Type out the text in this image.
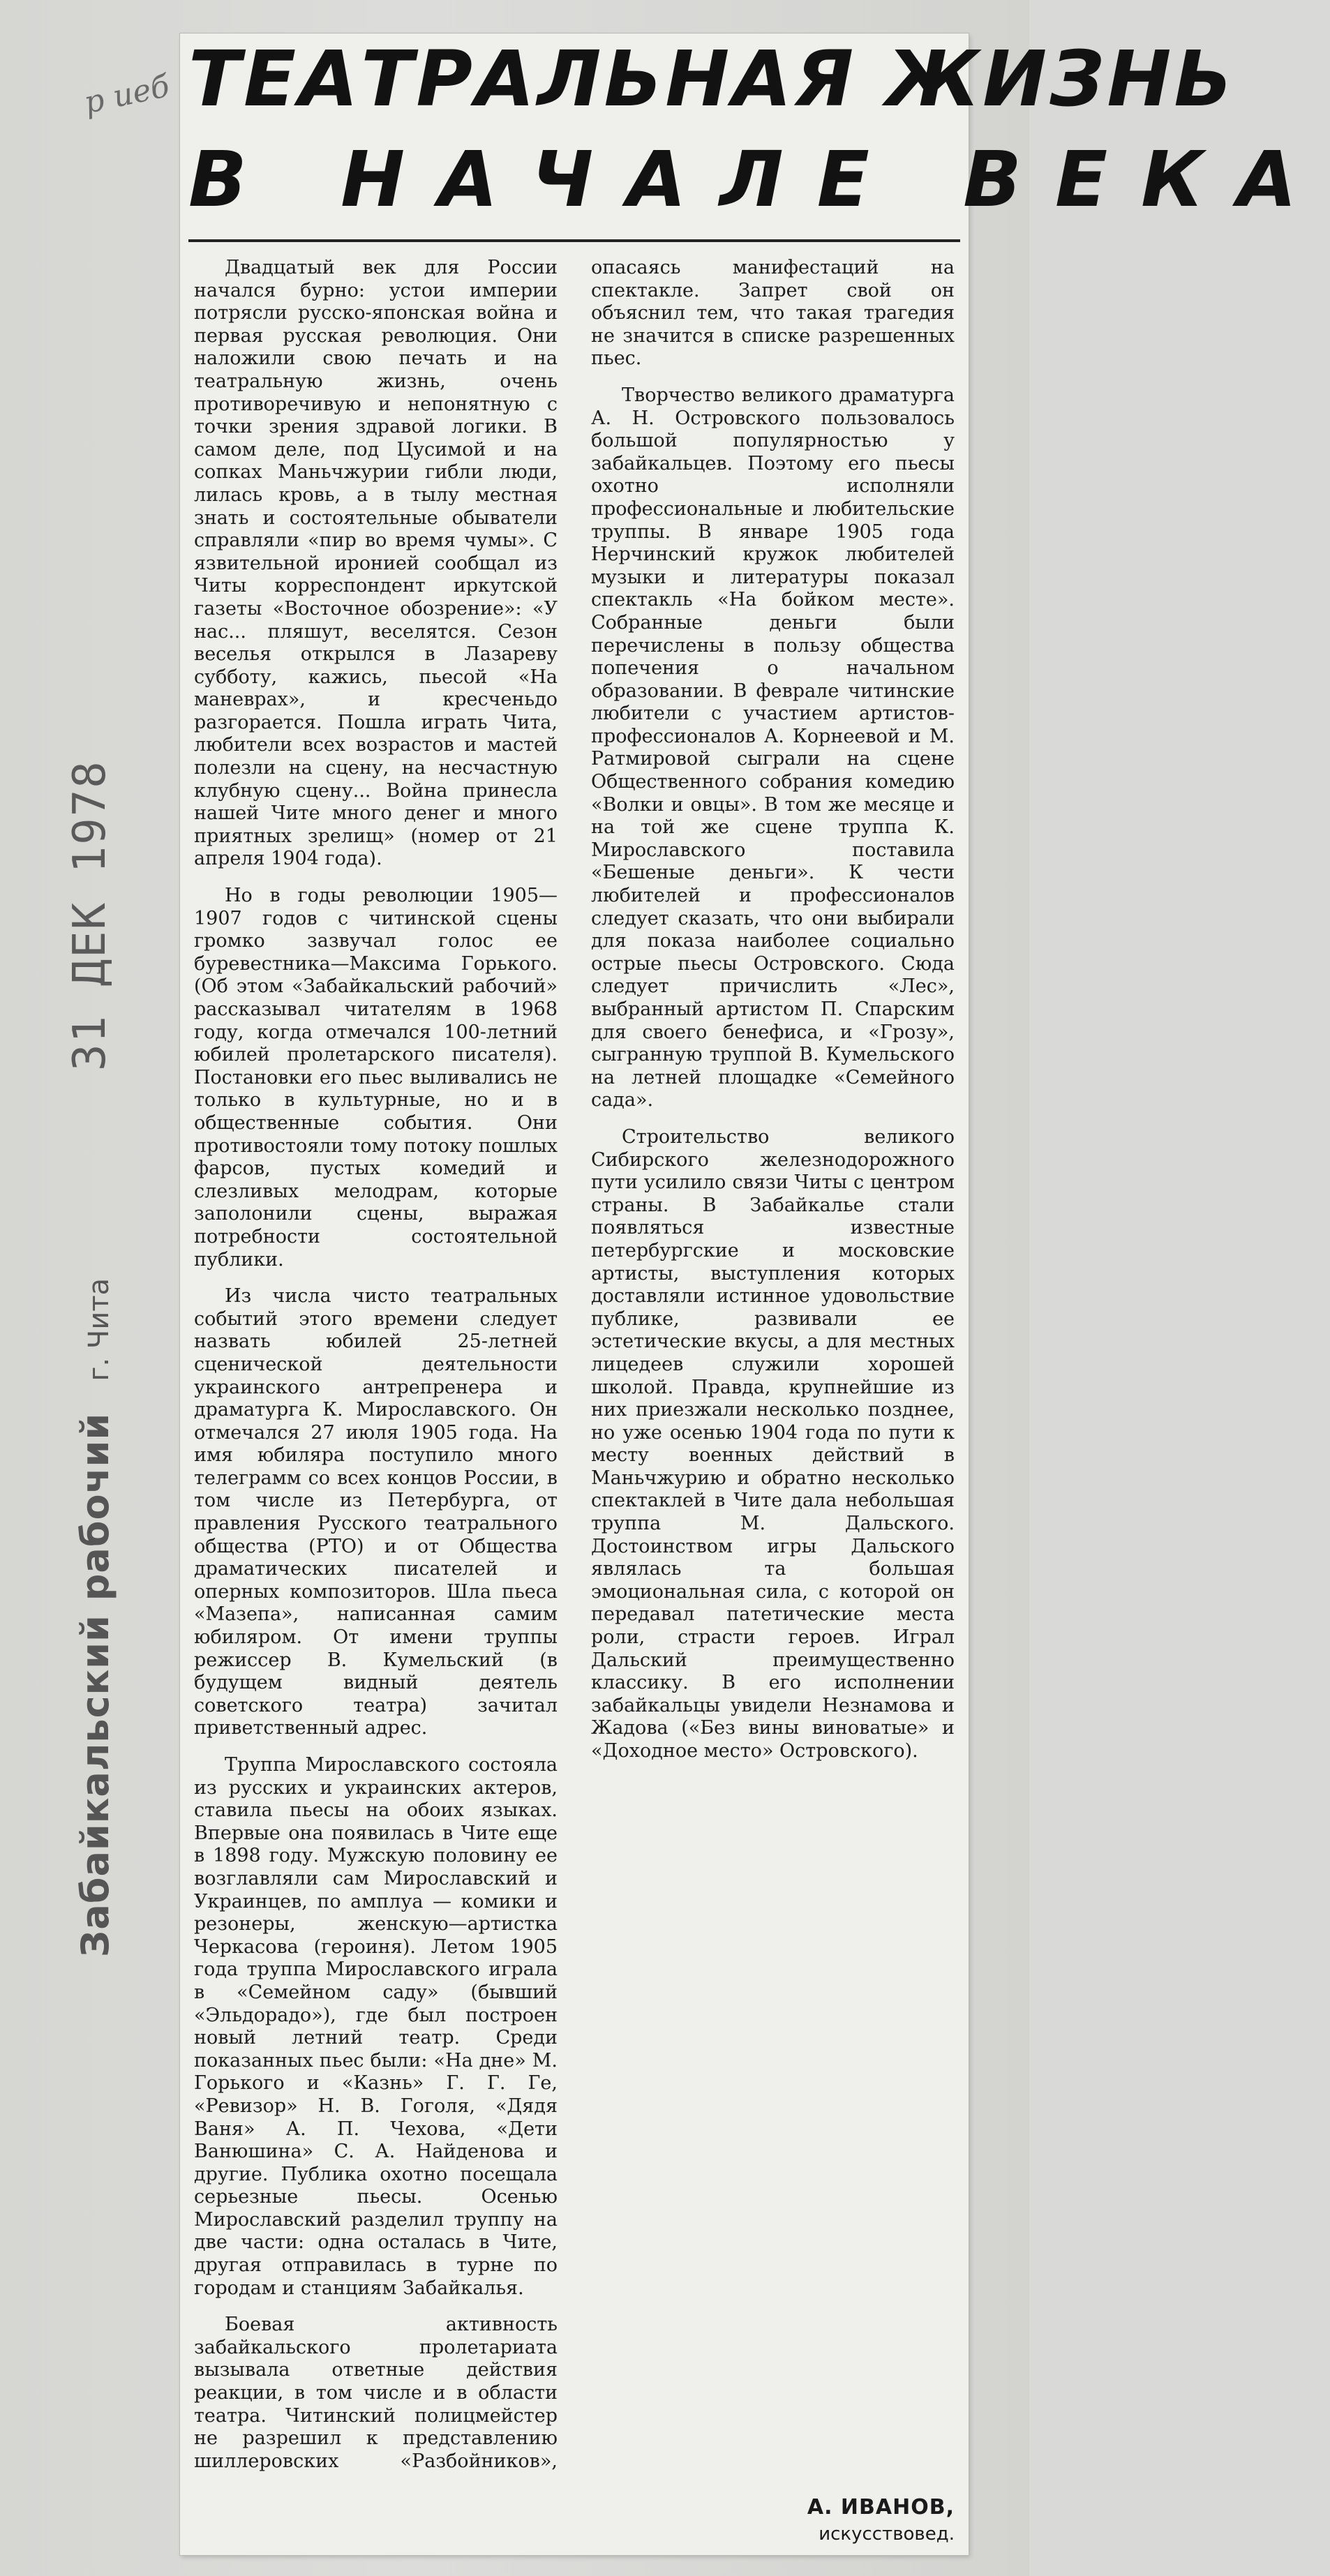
р иeб
31 ДЕК 1978
Забайкальский рабочий г. Чита
ТЕАТРАЛЬНАЯ ЖИЗНЬ
В НАЧАЛЕ ВЕКА

Двадцатый век для России начался бурно: устои империи потрясли русско-японская война и первая русская революция. Они наложили свою печать и на театральную жизнь, очень противоречивую и непонятную с точки зрения здравой логики. В самом деле, под Цусимой и на сопках Маньчжурии гибли люди, лилась кровь, а в тылу местная знать и состоятельные обыватели справляли «пир во время чумы». С язвительной иронией сообщал из Читы корреспондент иркутской газеты «Восточное обозрение»: «У нас... пляшут, веселятся. Сезон веселья открылся в Лазареву субботу, кажись, пьесой «На маневрах», и кресченьдо разгорается. Пошла играть Чита, любители всех возрастов и мастей полезли на сцену, на несчастную клубную сцену... Война принесла нашей Чите много денег и много приятных зрелищ» (номер от 21 апреля 1904 года).

Но в годы революции 1905—1907 годов с читинской сцены громко зазвучал голос ее буревестника—Максима Горького. (Об этом «Забайкальский рабочий» рассказывал читателям в 1968 году, когда отмечался 100-летний юбилей пролетарского писателя). Постановки его пьес выливались не только в культурные, но и в общественные события. Они противостояли тому потоку пошлых фарсов, пустых комедий и слезливых мелодрам, которые заполонили сцены, выражая потребности состоятельной публики.

Из числа чисто театральных событий этого времени следует назвать юбилей 25-летней сценической деятельности украинского антрепренера и драматурга К. Мирославского. Он отмечался 27 июля 1905 года. На имя юбиляра поступило много телеграмм со всех концов России, в том числе из Петербурга, от правления Русского театрального общества (РТО) и от Общества драматических писателей и оперных композиторов. Шла пьеса «Мазепа», написанная самим юбиляром. От имени труппы режиссер В. Кумельский (в будущем видный деятель советского театра) зачитал приветственный адрес.

Труппа Мирославского состояла из русских и украинских актеров, ставила пьесы на обоих языках. Впервые она появилась в Чите еще в 1898 году. Мужскую половину ее возглавляли сам Мирославский и Украинцев, по амплуа — комики и резонеры, женскую—артистка Черкасова (героиня). Летом 1905 года труппа Мирославского играла в «Семейном саду» (бывший «Эльдорадо»), где был построен новый летний театр. Среди показанных пьес были: «На дне» М. Горького и «Казнь» Г. Г. Ге, «Ревизор» Н. В. Гоголя, «Дядя Ваня» А. П. Чехова, «Дети Ванюшина» С. А. Найденова и другие. Публика охотно посещала серьезные пьесы. Осенью Мирославский разделил труппу на две части: одна осталась в Чите, другая отправилась в турне по городам и станциям Забайкалья.

Боевая активность забайкальского пролетариата вызывала ответные действия реакции, в том числе и в области театра. Читинский полицмейстер не разрешил к представлению шиллеровских «Разбойников», опасаясь манифестаций на спектакле. Запрет свой он объяснил тем, что такая трагедия не значится в списке разрешенных пьес.

Творчество великого драматурга А. Н. Островского пользовалось большой популярностью у забайкальцев. Поэтому его пьесы охотно исполняли профессиональные и любительские труппы. В январе 1905 года Нерчинский кружок любителей музыки и литературы показал спектакль «На бойком месте». Собранные деньги были перечислены в пользу общества попечения о начальном образовании. В феврале читинские любители с участием артистов-профессионалов А. Корнеевой и М. Ратмировой сыграли на сцене Общественного собрания комедию «Волки и овцы». В том же месяце и на той же сцене труппа К. Мирославского поставила «Бешеные деньги». К чести любителей и профессионалов следует сказать, что они выбирали для показа наиболее социально острые пьесы Островского. Сюда следует причислить «Лес», выбранный артистом П. Спарским для своего бенефиса, и «Грозу», сыгранную труппой В. Кумельского на летней площадке «Семейного сада».

Строительство великого Сибирского железнодорожного пути усилило связи Читы с центром страны. В Забайкалье стали появляться известные петербургские и московские артисты, выступления которых доставляли истинное удовольствие публике, развивали ее эстетические вкусы, а для местных лицедеев служили хорошей школой. Правда, крупнейшие из них приезжали несколько позднее, но уже осенью 1904 года по пути к месту военных действий в Маньчжурию и обратно несколько спектаклей в Чите дала небольшая труппа М. Дальского. Достоинством игры Дальского являлась та большая эмоциональная сила, с которой он передавал патетические места роли, страсти героев. Играл Дальский преимущественно классику. В его исполнении забайкальцы увидели Незнамова и Жадова («Без вины виноватые» и «Доходное место» Островского).

А. ИВАНОВ,
искусствовед.
